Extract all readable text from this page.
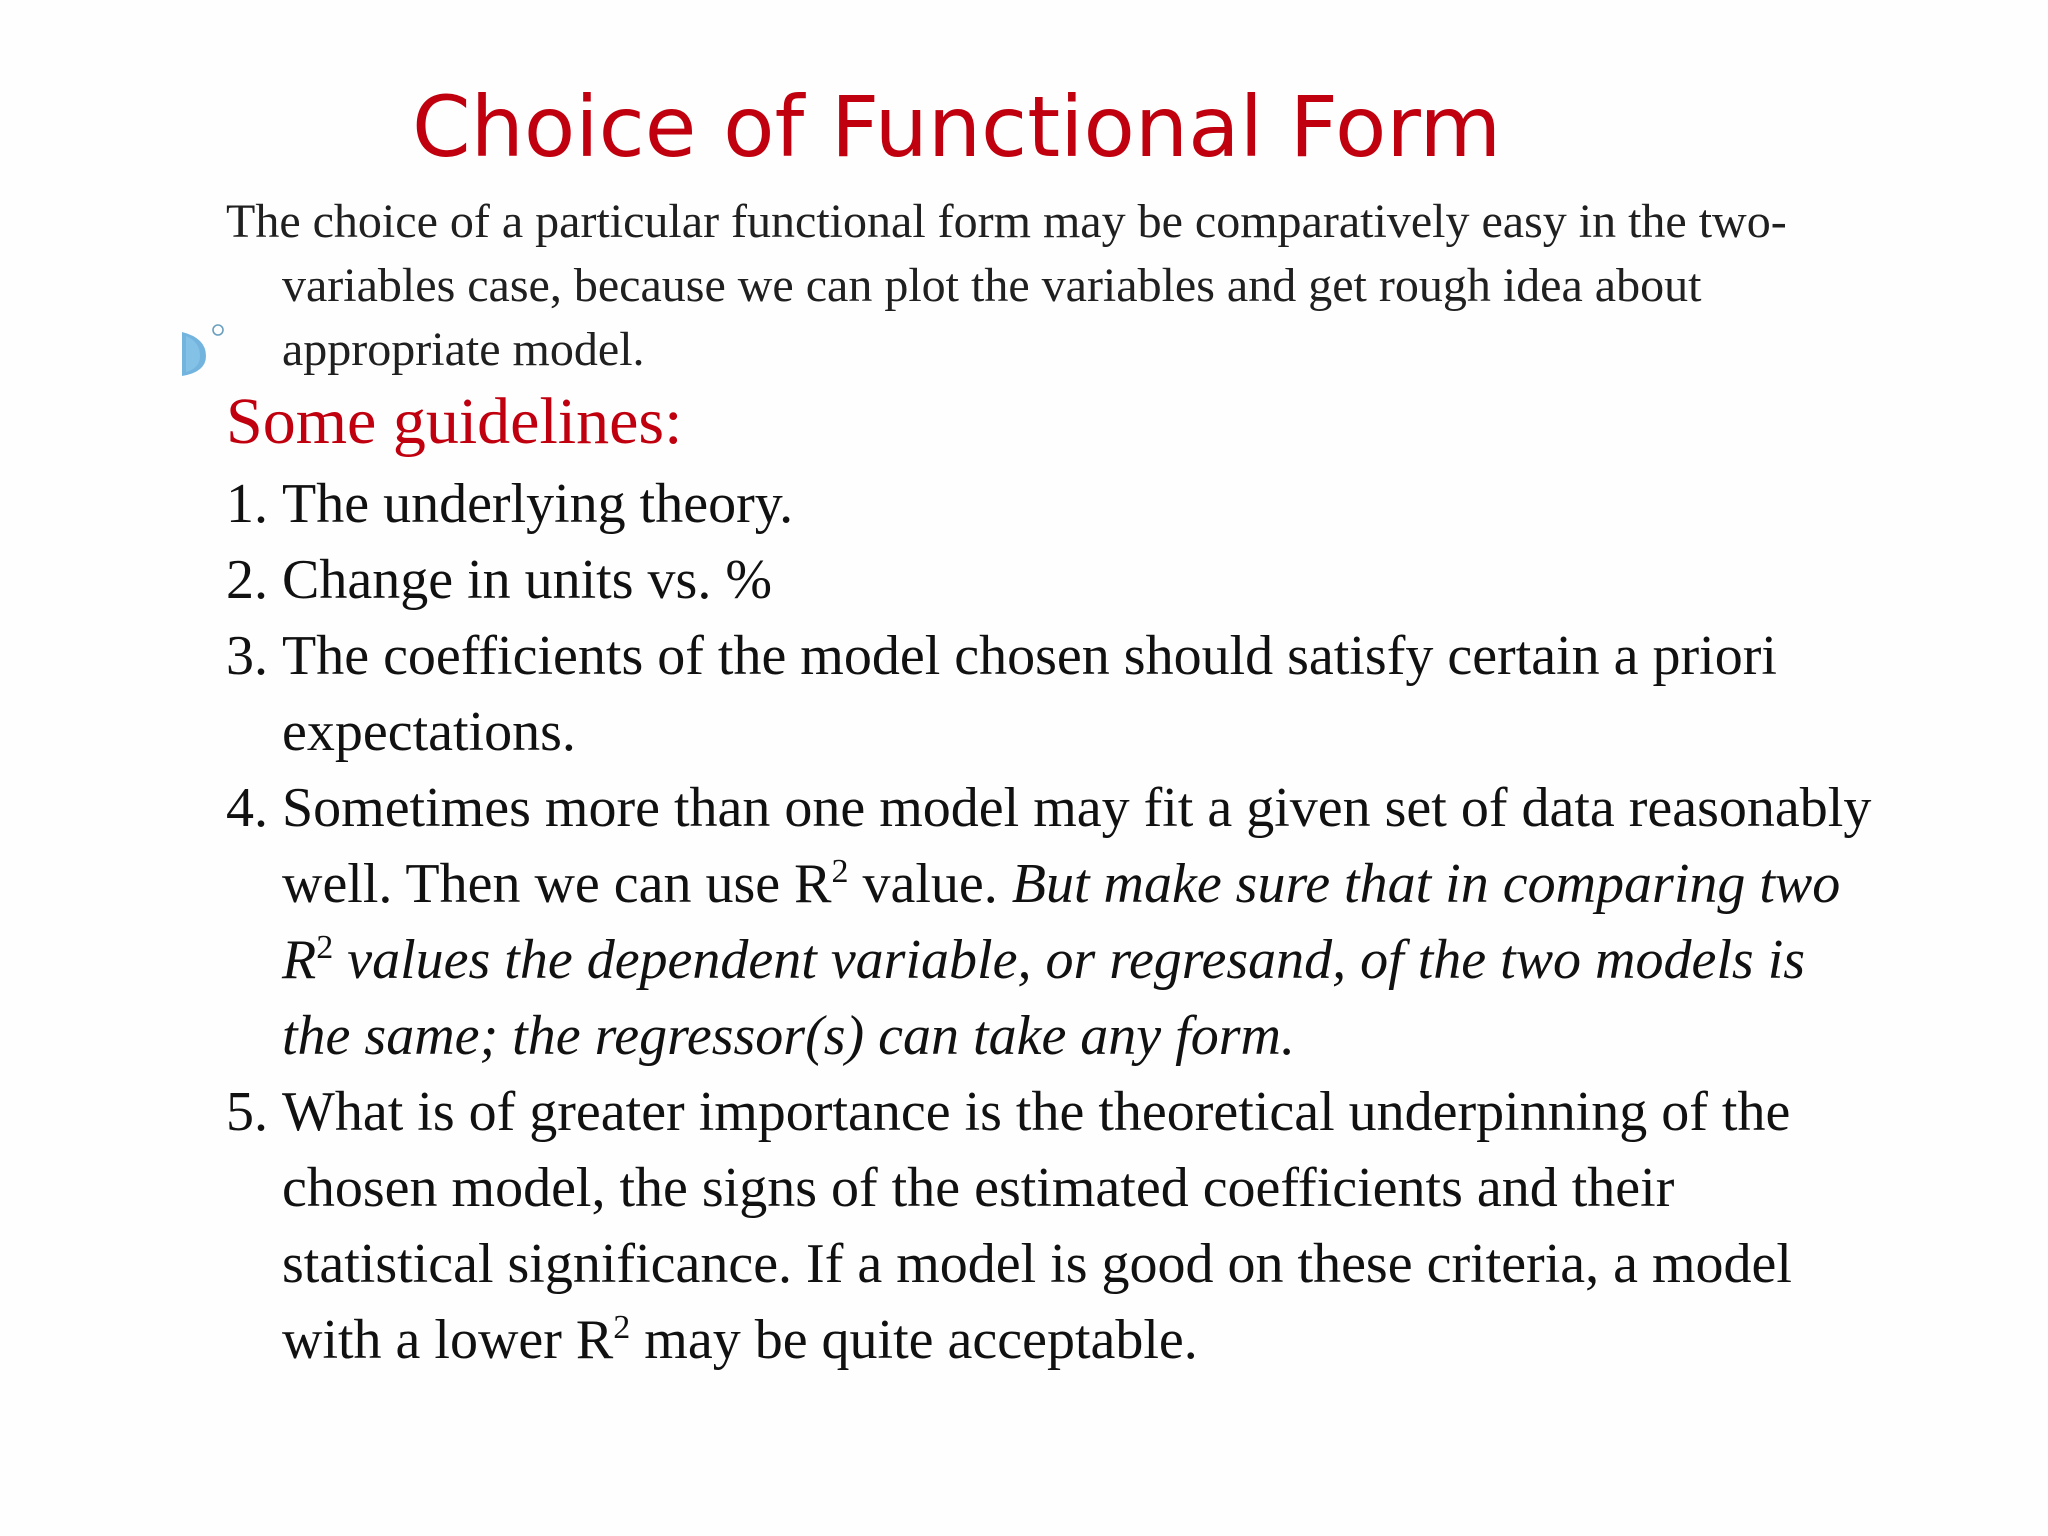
Choice of Functional Form

The choice of a particular functional form may be comparatively easy in the two-variables case, because we can plot the variables and get rough idea about appropriate model.

Some guidelines:
1. The underlying theory.
2. Change in units vs. %
3. The coefficients of the model chosen should satisfy certain a priori expectations.
4. Sometimes more than one model may fit a given set of data reasonably well. Then we can use $R^2$ value. But make sure that in comparing two $R^2$ values the dependent variable, or regresand, of the two models is the same; the regressor(s) can take any form.
5. What is of greater importance is the theoretical underpinning of the chosen model, the signs of the estimated coefficients and their statistical significance. If a model is good on these criteria, a model with a lower $R^2$ may be quite acceptable.
